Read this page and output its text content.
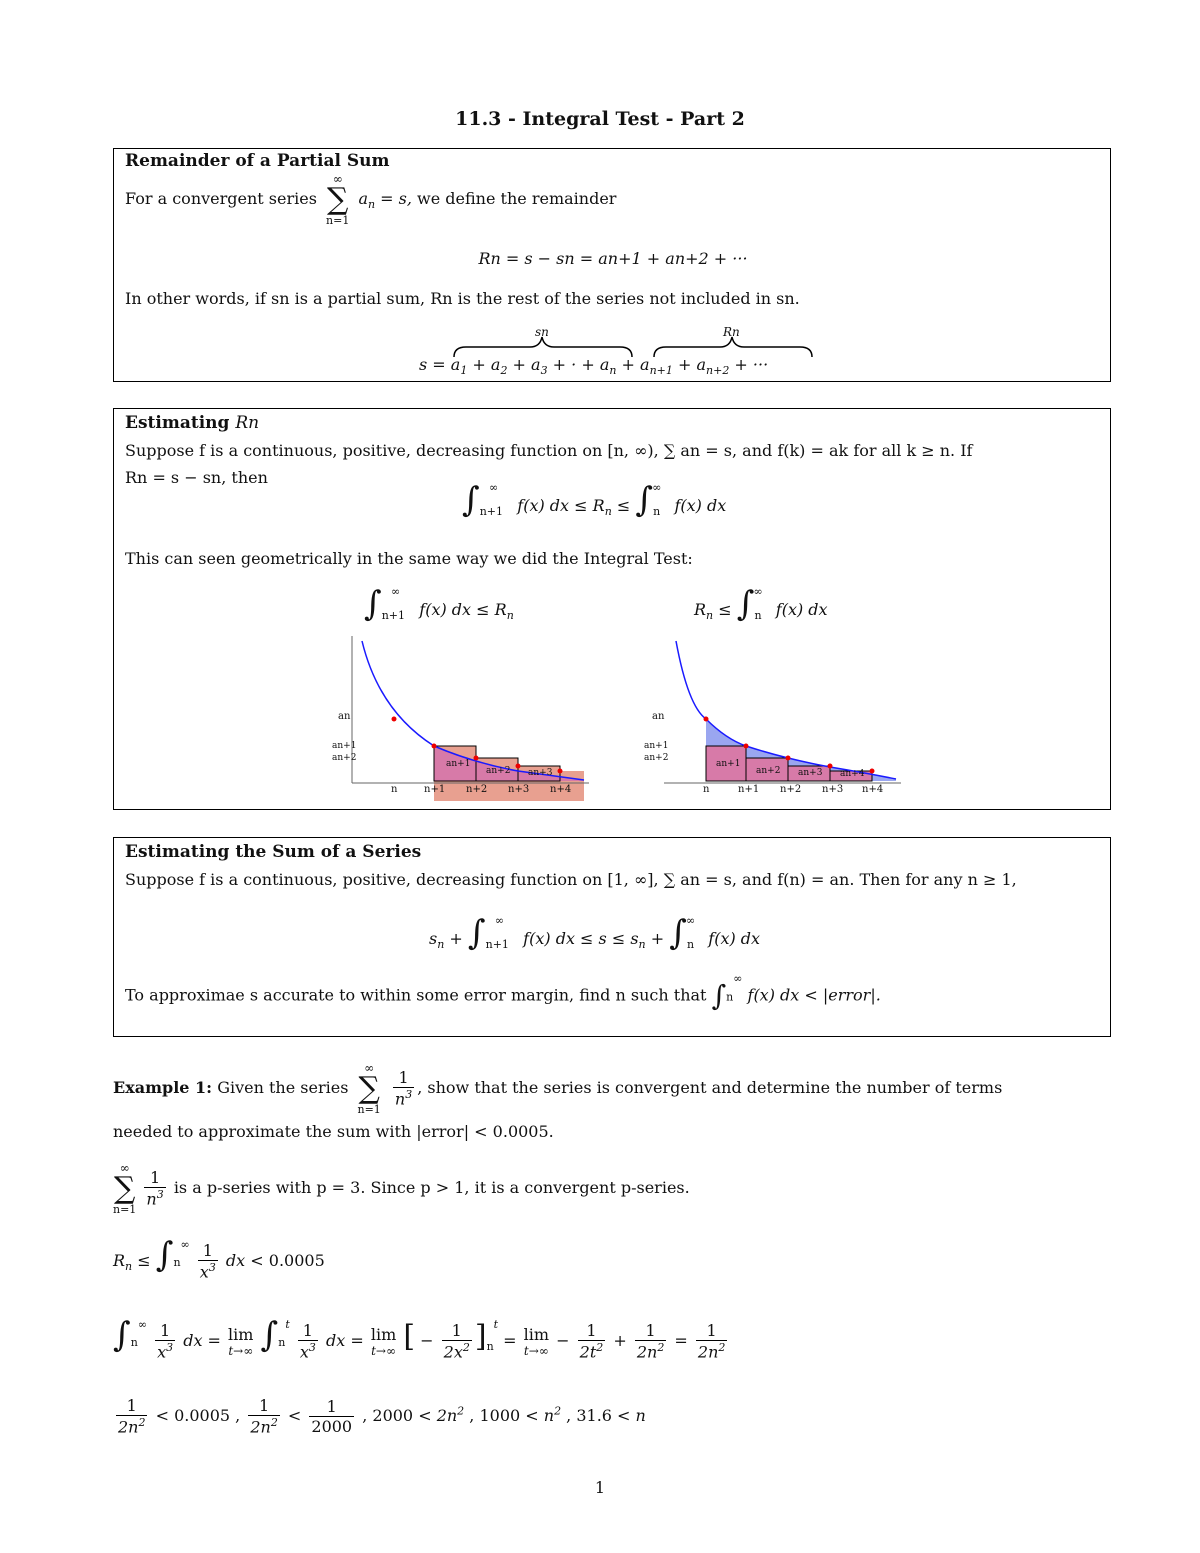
11.3 - Integral Test - Part 2
Remainder of a Partial Sum
For a convergent series
∞
∑
n=1
$a_n = s$, we define the remainder
Rn = s − sn = an+1 + an+2 + ···
In other words, if sn is a partial sum, Rn is the rest of the series not included in sn.
sn	Rn
$s = a_1 + a_2 + a_3$ + · + $a_n + a_{n+1} + a_{n+2}$ + ···
Estimating Rn
Suppose f is a continuous, positive, decreasing function on [n, ∞), ∑ an = s, and f(k) = ak for all k ≥ n. If
Rn = s − sn, then
$\int_{n+1}^\infty$ f(x) dx ≤ $R_n \le \int_n^\infty$ f(x) dx
This can seen geometrically in the same way we did the Integral Test:
$\int_{n+1}^\infty$ f(x) dx ≤ $R_n$	$R_n \le \int_n^\infty$ f(x) dx
an
an+1
an+2
an+1
an+2 an+3
n	n+1 n+2 n+3 n+4
an
an+1
an+2
an+1
an+2 an+3 an+4
n	n+1 n+2 n+3 n+4
Estimating the Sum of a Series
Suppose f is a continuous, positive, decreasing function on [1, ∞], ∑ an = s, and f(n) = an. Then for any n ≥ 1,
$s_n + \int_{n+1}^\infty$ f(x) dx ≤ $s \le s_n + \int_n^\infty$ f(x) dx
To approximae s accurate to within some error margin, find n such that ∫n∞ f(x) dx < |error|.
Example 1: Given the series
∞
∑
n=1

$\frac{1}{n^3}$ , show that the series is convergent and determine the number of terms
needed to approximate the sum with |error| < 0.0005.
∞
∑
n=1

$\frac{1}{n^3}$ is a p-series with p = 3. Since p > 1, it is a convergent p-series.
$R_n \le \int n^\infty \frac{1}{x^3}$ dx < 0.0005
$\int n^\infty \frac{1}{x^3}$ dx = lim
t→∞ $\int n^t \frac{1}{x^3}$ dx = lim
t→∞ [ − $\frac{1}{2x^2} ]_n^t = \lim$
t→∞
− $\frac{1}{2t^2} + \frac{1}{2n^2} = \frac{1}{2n^2}$
$\frac{1}{2n^2} < 0.0005$ , $\frac{1}{2n^2} < \frac{1}{2000}$ , $2000 < 2n^2$ , $1000 < n^2$ , 31.6 < n
1
